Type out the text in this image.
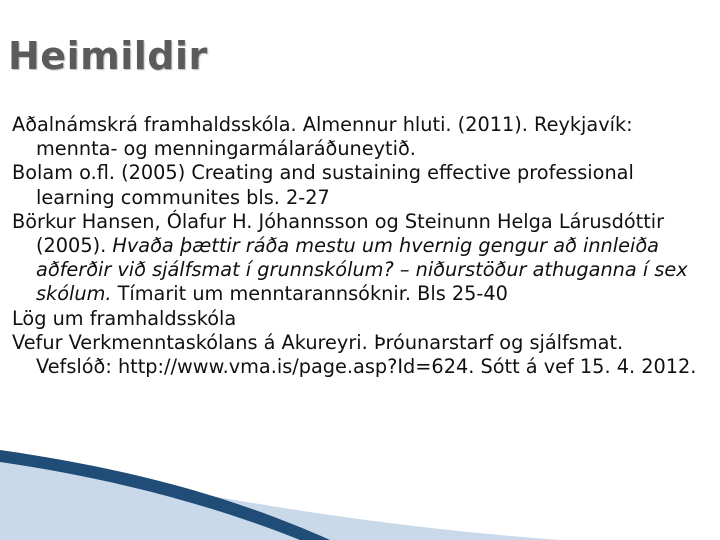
Heimildir
Aðalnámskrá framhaldsskóla. Almennur hluti. (2011). Reykjavík: mennta- og menningarmálaráðuneytið.
Bolam o.fl. (2005) Creating and sustaining effective professional learning communites bls. 2-27
Börkur Hansen, Ólafur H. Jóhannsson og Steinunn Helga Lárusdóttir (2005). Hvaða þættir ráða mestu um hvernig gengur að innleiða aðferðir við sjálfsmat í grunnskólum? – niðurstöður athuganna í sex skólum. Tímarit um menntarannsóknir. Bls 25-40
Lög um framhaldsskóla
Vefur Verkmenntaskólans á Akureyri. Þróunarstarf og sjálfsmat. Vefslóð: http://www.vma.is/page.asp?Id=624. Sótt á vef 15. 4. 2012.
